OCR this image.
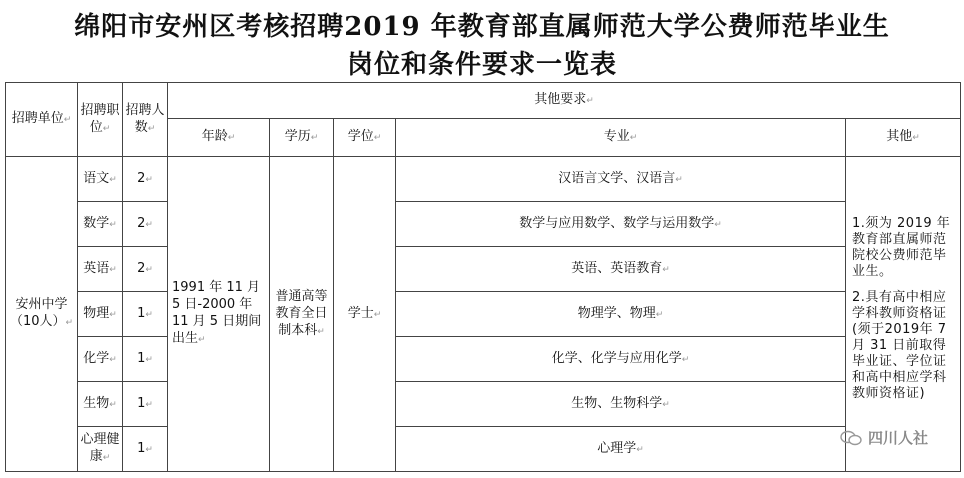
绵阳市安州区考核招聘2019 年教育部直属师范大学公费师范毕业生
岗位和条件要求一览表
招聘单位↵	招聘职位↵	招聘人数↵	其他要求↵				
			年龄↵	学历↵	学位↵	专业↵	其他↵
安州中学（10人）↵	语文↵	2↵	1991 年 11 月 5 日-2000 年 11 月 5 日期间出生↵	普通高等教育全日制本科↵	学士↵	汉语言文学、汉语言↵	1.须为 2019 年教育部直属师范院校公费师范毕业生。

2.具有高中相应学科教师资格证(须于2019年 7 月 31 日前取得毕业证、学位证和高中相应学科教师资格证)

	数学↵	2↵				数学与应用数学、数学与运用数学↵	
	英语↵	2↵				英语、英语教育↵	
	物理↵	1↵				物理学、物理↵	
	化学↵	1↵				化学、化学与应用化学↵	
	生物↵	1↵				生物、生物科学↵	
	心理健康↵	1↵				心理学↵	
四川人社
